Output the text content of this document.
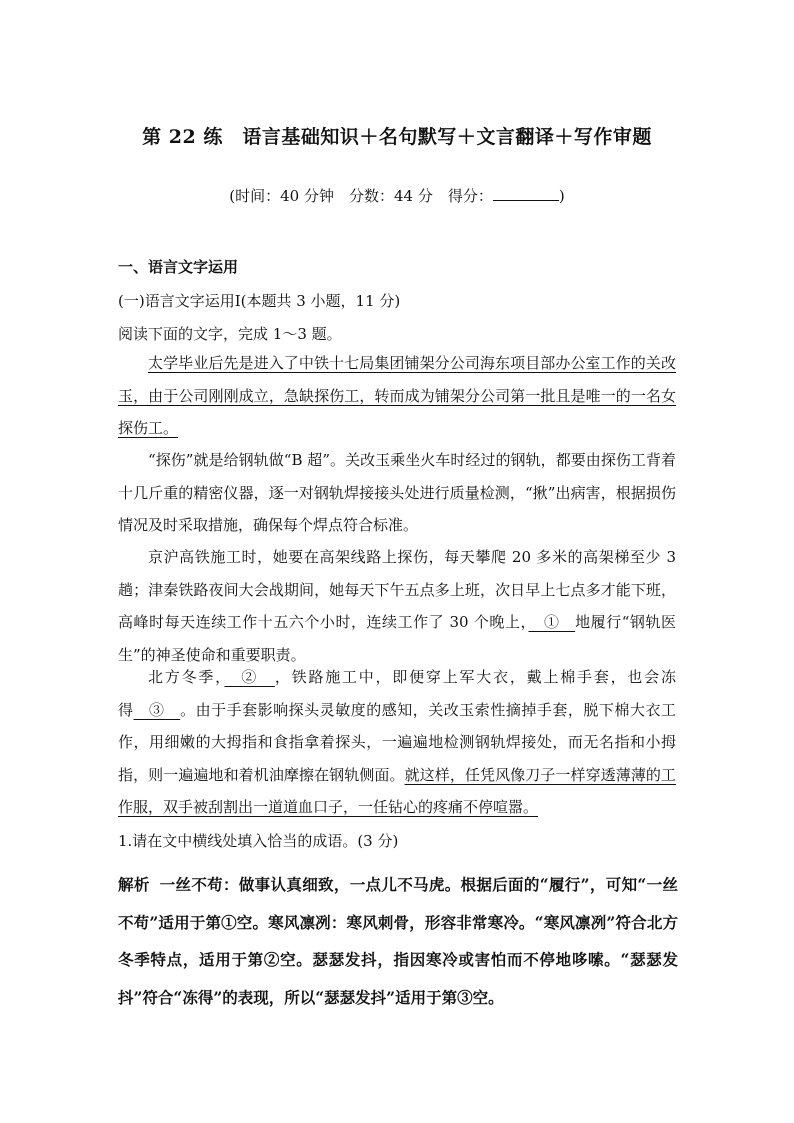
第 22 练　语言基础知识＋名句默写＋文言翻译＋写作审题
(时间：40 分钟　分数：44 分　得分：	)
一、语言文字运用
(一)语言文字运用Ⅰ(本题共 3 小题，11 分)
阅读下面的文字，完成 1～3 题。
太学毕业后先是进入了中铁十七局集团铺架分公司海东项目部办公室工作的关改玉，由于公司刚刚成立，急缺探伤工，转而成为铺架分公司第一批且是唯一的一名女探伤工。
“探伤”就是给钢轨做“B 超”。关改玉乘坐火车时经过的钢轨，都要由探伤工背着十几斤重的精密仪器，逐一对钢轨焊接接头处进行质量检测，“揪”出病害，根据损伤情况及时采取措施，确保每个焊点符合标准。
京沪高铁施工时，她要在高架线路上探伤，每天攀爬 20 多米的高架梯至少 3 趟；津秦铁路夜间大会战期间，她每天下午五点多上班，次日早上七点多才能下班，高峰时每天连续工作十五六个小时，连续工作了 30 个晚上，　①　地履行“钢轨医生”的神圣使命和重要职责。
北方冬季，　②　，铁路施工中，即便穿上军大衣，戴上棉手套，也会冻得　③　。由于手套影响探头灵敏度的感知，关改玉索性摘掉手套，脱下棉大衣工作，用细嫩的大拇指和食指拿着探头，一遍遍地检测钢轨焊接处，而无名指和小拇指，则一遍遍地和着机油摩擦在钢轨侧面。就这样，任凭风像刀子一样穿透薄薄的工作服，双手被刮割出一道道血口子，一任钻心的疼痛不停喧嚣。
1.请在文中横线处填入恰当的成语。(3 分)
解析 一丝不苟：做事认真细致，一点儿不马虎。根据后面的“履行”，可知“一丝不苟”适用于第①空。寒风凛冽：寒风刺骨，形容非常寒冷。“寒风凛冽”符合北方冬季特点，适用于第②空。瑟瑟发抖，指因寒冷或害怕而不停地哆嗦。“瑟瑟发抖”符合“冻得”的表现，所以“瑟瑟发抖”适用于第③空。
